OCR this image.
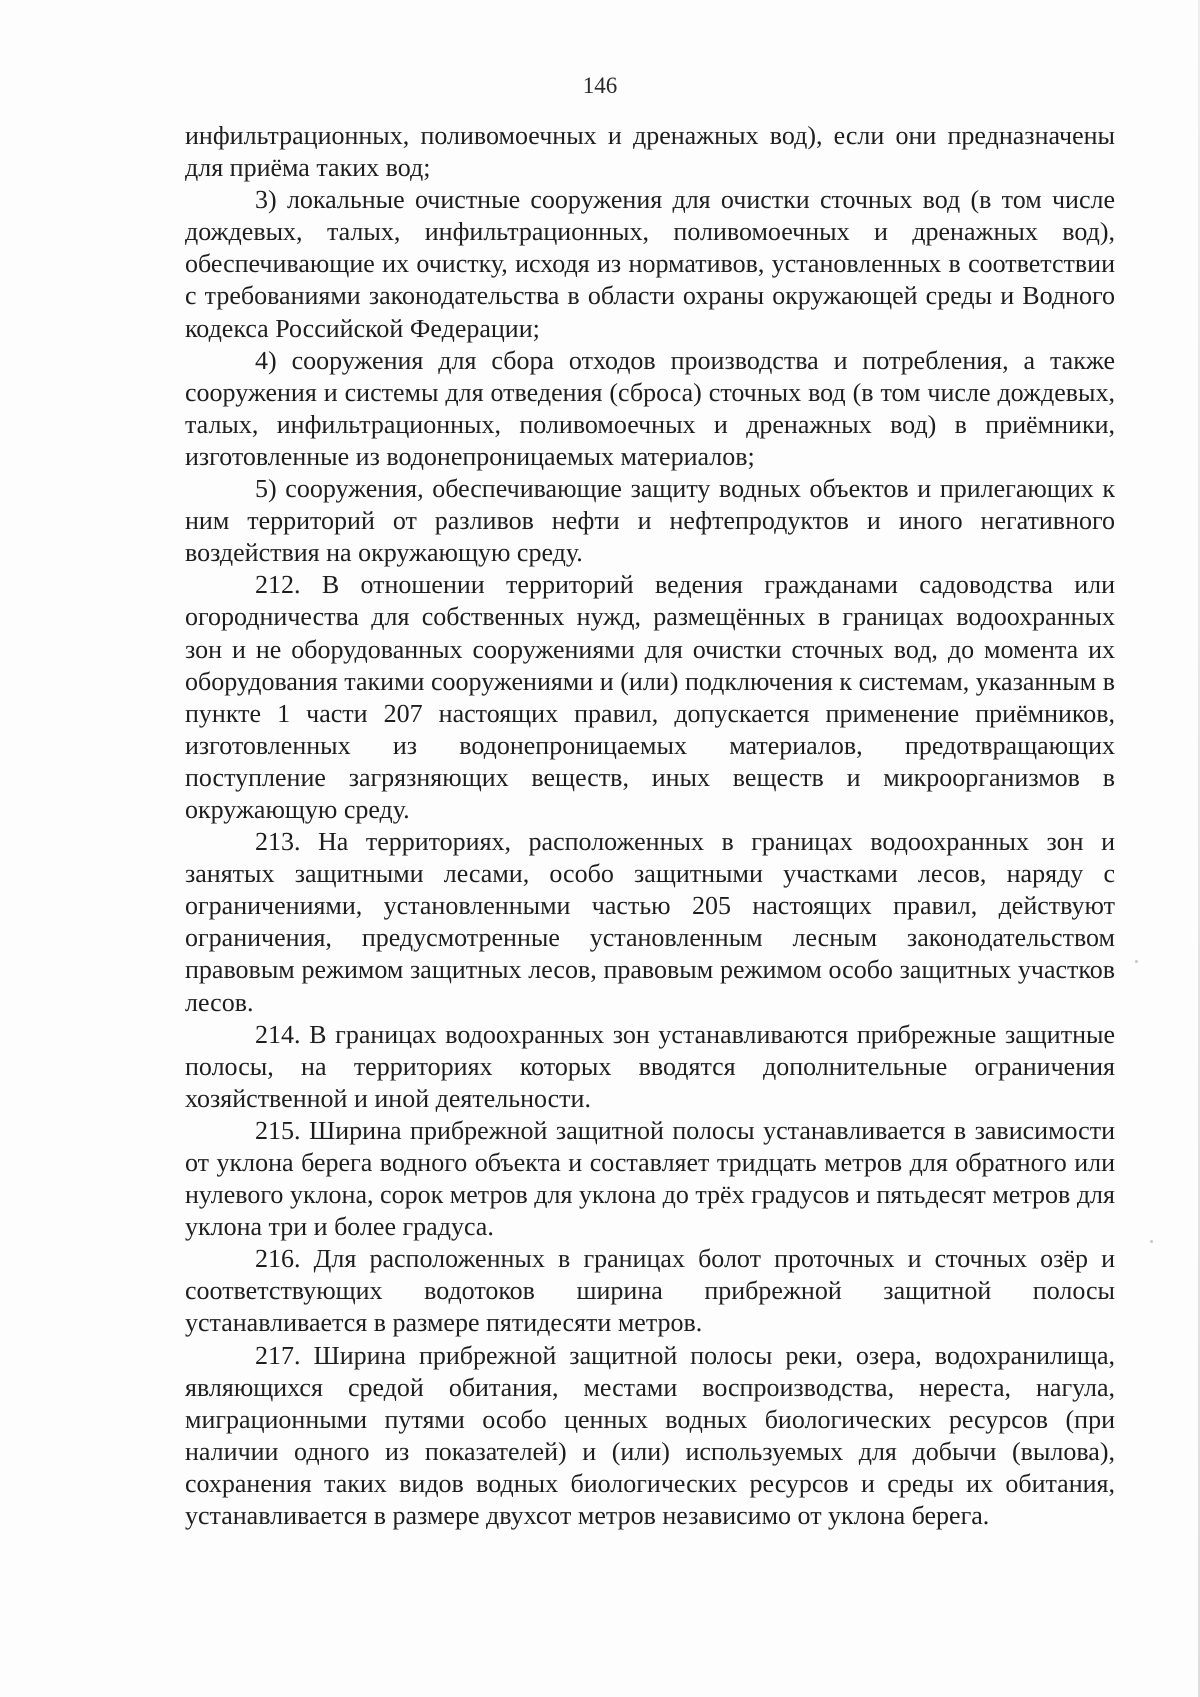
146

инфильтрационных, поливомоечных и дренажных вод), если они предназначены для приёма таких вод;

3) локальные очистные сооружения для очистки сточных вод (в том числе дождевых, талых, инфильтрационных, поливомоечных и дренажных вод), обеспечивающие их очистку, исходя из нормативов, установленных в соответствии с требованиями законодательства в области охраны окружающей среды и Водного кодекса Российской Федерации;

4) сооружения для сбора отходов производства и потребления, а также сооружения и системы для отведения (сброса) сточных вод (в том числе дождевых, талых, инфильтрационных, поливомоечных и дренажных вод) в приёмники, изготовленные из водонепроницаемых материалов;

5) сооружения, обеспечивающие защиту водных объектов и прилегающих к ним территорий от разливов нефти и нефтепродуктов и иного негативного воздействия на окружающую среду.

212. В отношении территорий ведения гражданами садоводства или огородничества для собственных нужд, размещённых в границах водоохранных зон и не оборудованных сооружениями для очистки сточных вод, до момента их оборудования такими сооружениями и (или) подключения к системам, указанным в пункте 1 части 207 настоящих правил, допускается применение приёмников, изготовленных из водонепроницаемых материалов, предотвращающих поступление загрязняющих веществ, иных веществ и микроорганизмов в окружающую среду.

213. На территориях, расположенных в границах водоохранных зон и занятых защитными лесами, особо защитными участками лесов, наряду с ограничениями, установленными частью 205 настоящих правил, действуют ограничения, предусмотренные установленным лесным законодательством правовым режимом защитных лесов, правовым режимом особо защитных участков лесов.

214. В границах водоохранных зон устанавливаются прибрежные защитные полосы, на территориях которых вводятся дополнительные ограничения хозяйственной и иной деятельности.

215. Ширина прибрежной защитной полосы устанавливается в зависимости от уклона берега водного объекта и составляет тридцать метров для обратного или нулевого уклона, сорок метров для уклона до трёх градусов и пятьдесят метров для уклона три и более градуса.

216. Для расположенных в границах болот проточных и сточных озёр и соответствующих водотоков ширина прибрежной защитной полосы устанавливается в размере пятидесяти метров.

217. Ширина прибрежной защитной полосы реки, озера, водохранилища, являющихся средой обитания, местами воспроизводства, нереста, нагула, миграционными путями особо ценных водных биологических ресурсов (при наличии одного из показателей) и (или) используемых для добычи (вылова), сохранения таких видов водных биологических ресурсов и среды их обитания, устанавливается в размере двухсот метров независимо от уклона берега.
